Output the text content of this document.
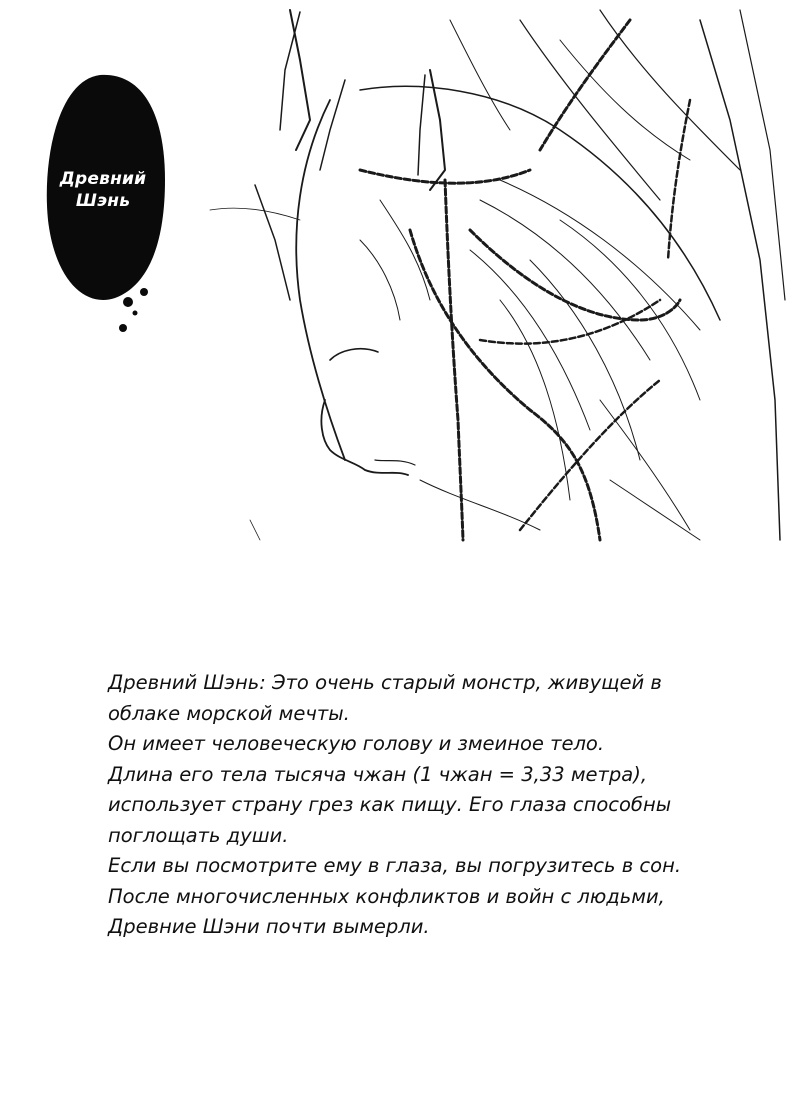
Древний
Шэнь

Древний Шэнь: Это очень старый монстр, живущей в

облаке морской мечты.

Он имеет человеческую голову и змеиное тело.

Длина его тела тысяча чжан (1 чжан = 3,33 метра),

использует страну грез как пищу. Его глаза способны

поглощать души.

Если вы посмотрите ему в глаза, вы погрузитесь в сон.

После многочисленных конфликтов и войн с людьми,

Древние Шэни почти вымерли.
